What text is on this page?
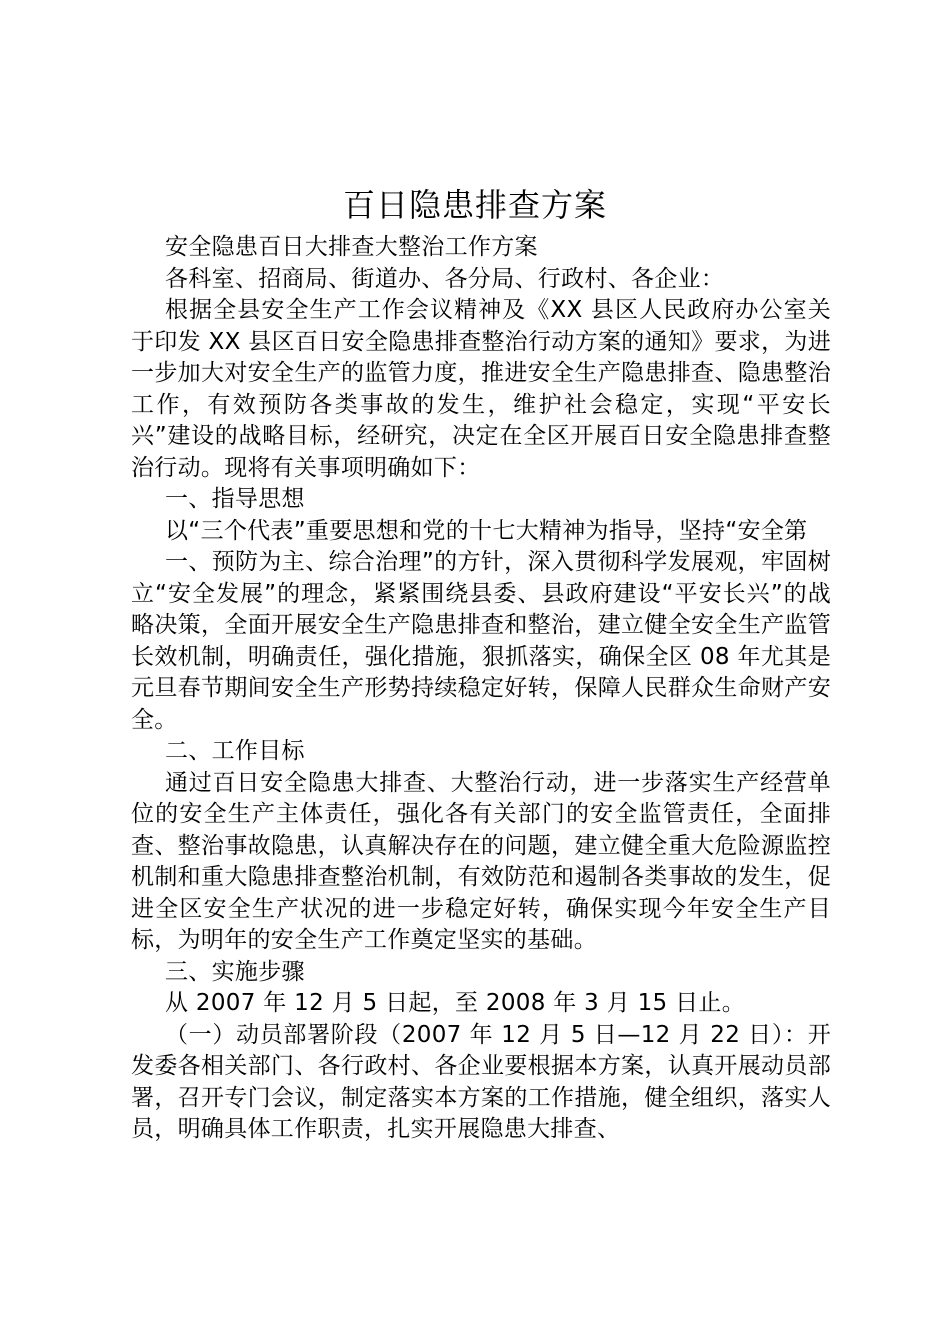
百日隐患排查方案

安全隐患百日大排查大整治工作方案

各科室、招商局、街道办、各分局、行政村、各企业：

根据全县安全生产工作会议精神及《XX 县区人民政府办公室关于印发 XX 县区百日安全隐患排查整治行动方案的通知》要求，为进一步加大对安全生产的监管力度，推进安全生产隐患排查、隐患整治工作，有效预防各类事故的发生，维护社会稳定，实现“平安长兴”建设的战略目标，经研究，决定在全区开展百日安全隐患排查整治行动。现将有关事项明确如下：

一、指导思想

以“三个代表”重要思想和党的十七大精神为指导，坚持“安全第

一、预防为主、综合治理”的方针，深入贯彻科学发展观，牢固树立“安全发展”的理念，紧紧围绕县委、县政府建设“平安长兴”的战略决策，全面开展安全生产隐患排查和整治，建立健全安全生产监管长效机制，明确责任，强化措施，狠抓落实，确保全区 08 年尤其是元旦春节期间安全生产形势持续稳定好转，保障人民群众生命财产安全。

二、工作目标

通过百日安全隐患大排查、大整治行动，进一步落实生产经营单位的安全生产主体责任，强化各有关部门的安全监管责任，全面排查、整治事故隐患，认真解决存在的问题，建立健全重大危险源监控机制和重大隐患排查整治机制，有效防范和遏制各类事故的发生，促进全区安全生产状况的进一步稳定好转，确保实现今年安全生产目标，为明年的安全生产工作奠定坚实的基础。

三、实施步骤

从 2007 年 12 月 5 日起，至 2008 年 3 月 15 日止。

（一）动员部署阶段（2007 年 12 月 5 日—12 月 22 日）：开发委各相关部门、各行政村、各企业要根据本方案，认真开展动员部署，召开专门会议，制定落实本方案的工作措施，健全组织，落实人员，明确具体工作职责，扎实开展隐患大排查、
